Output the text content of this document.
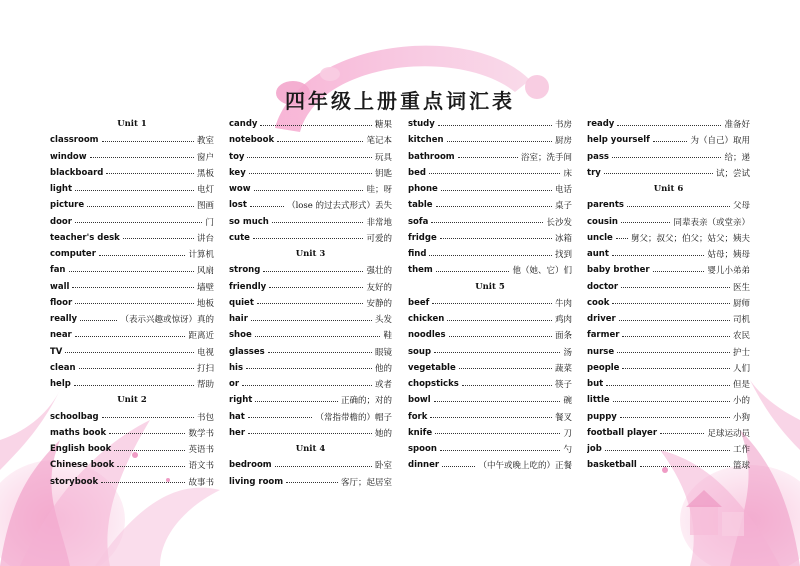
四年级上册重点词汇表
Unit 1
classroom	教室
window	窗户
blackboard	黑板
light	电灯
picture	图画
door	门
teacher's desk	讲台
computer	计算机
fan	风扇
wall	墙壁
floor	地板
really	（表示兴趣或惊讶）真的
near	距离近
TV	电视
clean	打扫
help	帮助
Unit 2
schoolbag	书包
maths book	数学书
English book	英语书
Chinese book	语文书
storybook	故事书
candy	糖果
notebook	笔记本
toy	玩具
key	钥匙
wow	哇；呀
lost	（lose 的过去式形式）丢失
so much	非常地
cute	可爱的
Unit 3
strong	强壮的
friendly	友好的
quiet	安静的
hair	头发
shoe	鞋
glasses	眼镜
his	他的
or	或者
right	正确的；对的
hat	（常指带檐的）帽子
her	她的
Unit 4
bedroom	卧室
living room	客厅；起居室
study	书房
kitchen	厨房
bathroom	浴室；洗手间
bed	床
phone	电话
table	桌子
sofa	长沙发
fridge	冰箱
find	找到
them	他（她、它）们
Unit 5
beef	牛肉
chicken	鸡肉
noodles	面条
soup	汤
vegetable	蔬菜
chopsticks	筷子
bowl	碗
fork	餐叉
knife	刀
spoon	勺
dinner	（中午或晚上吃的）正餐
ready	准备好
help yourself	为（自己）取用
pass	给；递
try	试；尝试
Unit 6
parents	父母
cousin	同辈表亲（或堂亲）
uncle 舅父；叔父；伯父；姑父；姨夫
aunt	姑母；姨母
baby brother	婴儿小弟弟
doctor	医生
cook	厨师
driver	司机
farmer	农民
nurse	护士
people	人们
but	但是
little	小的
puppy	小狗
football player	足球运动员
job	工作
basketball	篮球
